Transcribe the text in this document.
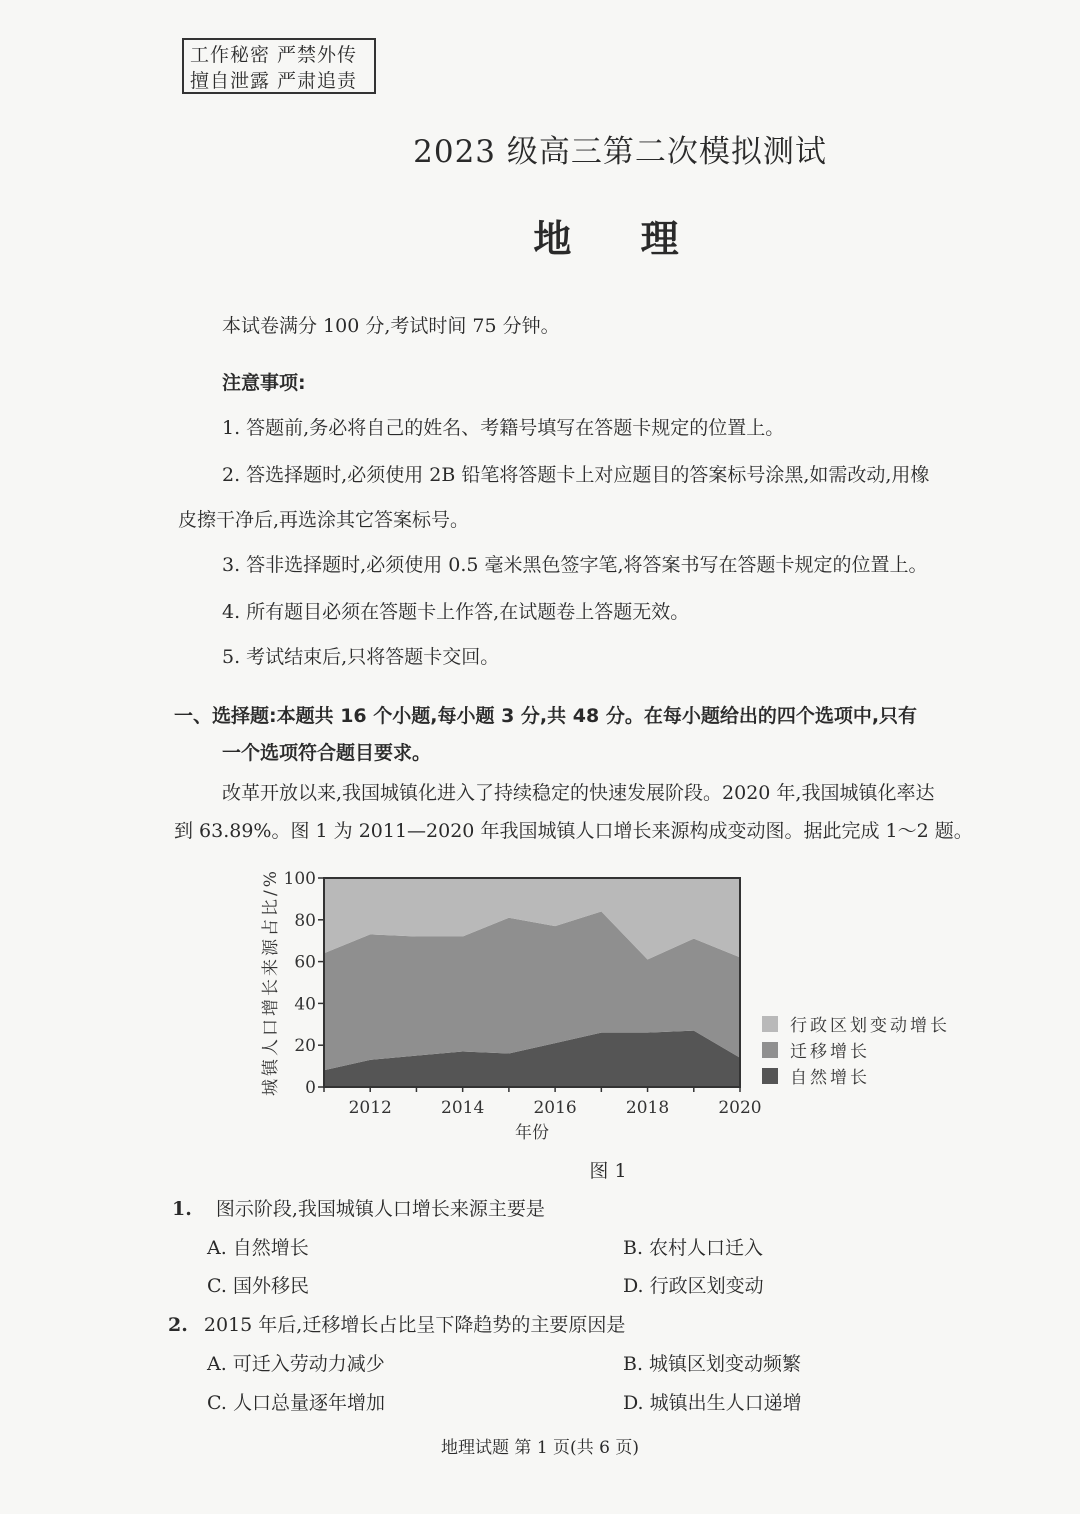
工作秘密 严禁外传
擅自泄露 严肃追责
2023 级高三第二次模拟测试
地 理
本试卷满分 100 分,考试时间 75 分钟。
注意事项:
1. 答题前,务必将自己的姓名、考籍号填写在答题卡规定的位置上。
2. 答选择题时,必须使用 2B 铅笔将答题卡上对应题目的答案标号涂黑,如需改动,用橡
皮擦干净后,再选涂其它答案标号。
3. 答非选择题时,必须使用 0.5 毫米黑色签字笔,将答案书写在答题卡规定的位置上。
4. 所有题目必须在答题卡上作答,在试题卷上答题无效。
5. 考试结束后,只将答题卡交回。
一、选择题:本题共 16 个小题,每小题 3 分,共 48 分。在每小题给出的四个选项中,只有
一个选项符合题目要求。
改革开放以来,我国城镇化进入了持续稳定的快速发展阶段。2020 年,我国城镇化率达
到 63.89%。图 1 为 2011—2020 年我国城镇人口增长来源构成变动图。据此完成 1～2 题。
0
20
40
60
80
100
2012	2014	2016	2018	2020
城镇人口增长来源占比/%
年份
行政区划变动增长
迁移增长
自然增长
图 1
1. 图示阶段,我国城镇人口增长来源主要是
A. 自然增长	B. 农村人口迁入
C. 国外移民	D. 行政区划变动
2. 2015 年后,迁移增长占比呈下降趋势的主要原因是
A. 可迁入劳动力减少	B. 城镇区划变动频繁
C. 人口总量逐年增加	D. 城镇出生人口递增
地理试题 第 1 页(共 6 页)
